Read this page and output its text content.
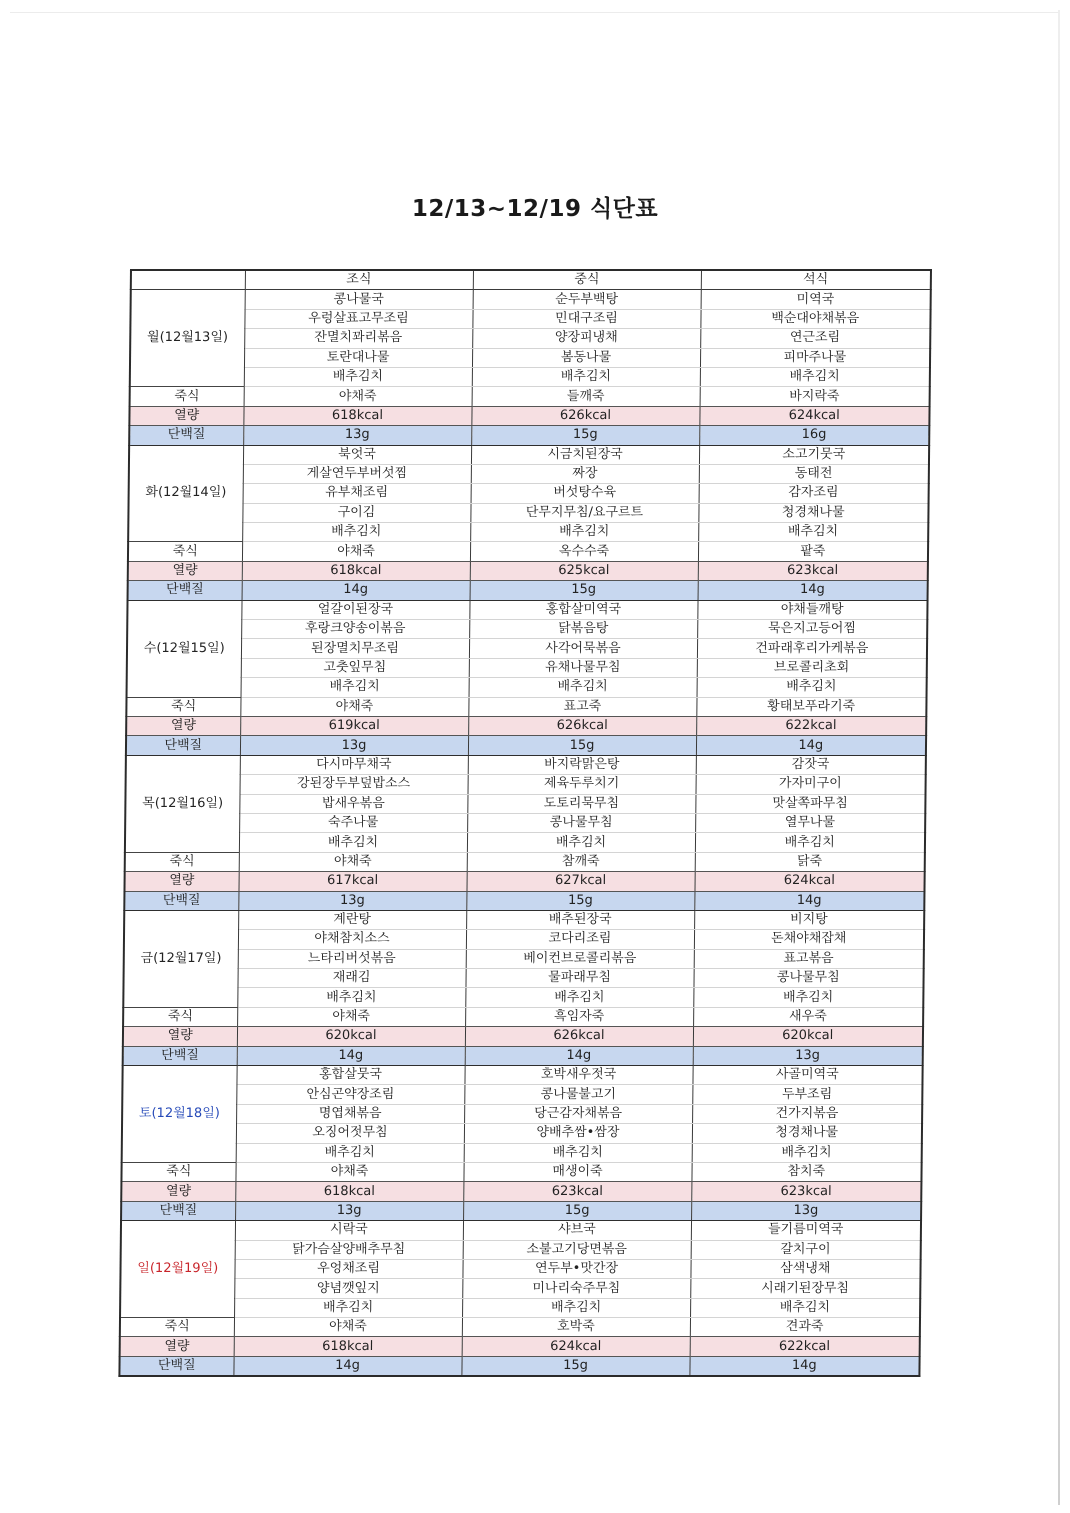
12/13~12/19 식단표
	조식	중식	석식
월(12월13일)	콩나물국	순두부백탕	미역국
	우렁살표고무조림	민대구조림	백순대야채볶음
	잔멸치꽈리볶음	양장피냉채	연근조림
	토란대나물	봄동나물	피마주나물
	배추김치	배추김치	배추김치
죽식	야채죽	들깨죽	바지락죽
열량	618kcal	626kcal	624kcal
단백질	13g	15g	16g
화(12월14일)	북엇국	시금치된장국	소고기뭇국
	게살연두부버섯찜	짜장	동태전
	유부채조림	버섯탕수육	감자조림
	구이김	단무지무침/요구르트	청경채나물
	배추김치	배추김치	배추김치
죽식	야채죽	옥수수죽	팥죽
열량	618kcal	625kcal	623kcal
단백질	14g	15g	14g
수(12월15일)	얼갈이된장국	홍합살미역국	야채들깨탕
	후랑크양송이볶음	닭볶음탕	묵은지고등어찜
	된장멸치무조림	사각어묵볶음	건파래후리가케볶음
	고춧잎무침	유채나물무침	브로콜리초회
	배추김치	배추김치	배추김치
죽식	야채죽	표고죽	황태보푸라기죽
열량	619kcal	626kcal	622kcal
단백질	13g	15g	14g
목(12월16일)	다시마무채국	바지락맑은탕	감잣국
	강된장두부덮밥소스	제육두루치기	가자미구이
	밥새우볶음	도토리묵무침	맛살쪽파무침
	숙주나물	콩나물무침	열무나물
	배추김치	배추김치	배추김치
죽식	야채죽	참깨죽	닭죽
열량	617kcal	627kcal	624kcal
단백질	13g	15g	14g
금(12월17일)	계란탕	배추된장국	비지탕
	야채참치소스	코다리조림	돈채야채잡채
	느타리버섯볶음	베이컨브로콜리볶음	표고볶음
	재래김	물파래무침	콩나물무침
	배추김치	배추김치	배추김치
죽식	야채죽	흑임자죽	새우죽
열량	620kcal	626kcal	620kcal
단백질	14g	14g	13g
토(12월18일)	홍합살뭇국	호박새우젓국	사골미역국
	안심곤약장조림	콩나물불고기	두부조림
	명엽채볶음	당근감자채볶음	건가지볶음
	오징어젓무침	양배추쌈•쌈장	청경채나물
	배추김치	배추김치	배추김치
죽식	야채죽	매생이죽	참치죽
열량	618kcal	623kcal	623kcal
단백질	13g	15g	13g
일(12월19일)	시락국	샤브국	들기름미역국
	닭가슴살양배추무침	소불고기당면볶음	갈치구이
	우엉채조림	연두부•맛간장	삼색냉채
	양념깻잎지	미나리숙주무침	시래기된장무침
	배추김치	배추김치	배추김치
죽식	야채죽	호박죽	견과죽
열량	618kcal	624kcal	622kcal
단백질	14g	15g	14g
